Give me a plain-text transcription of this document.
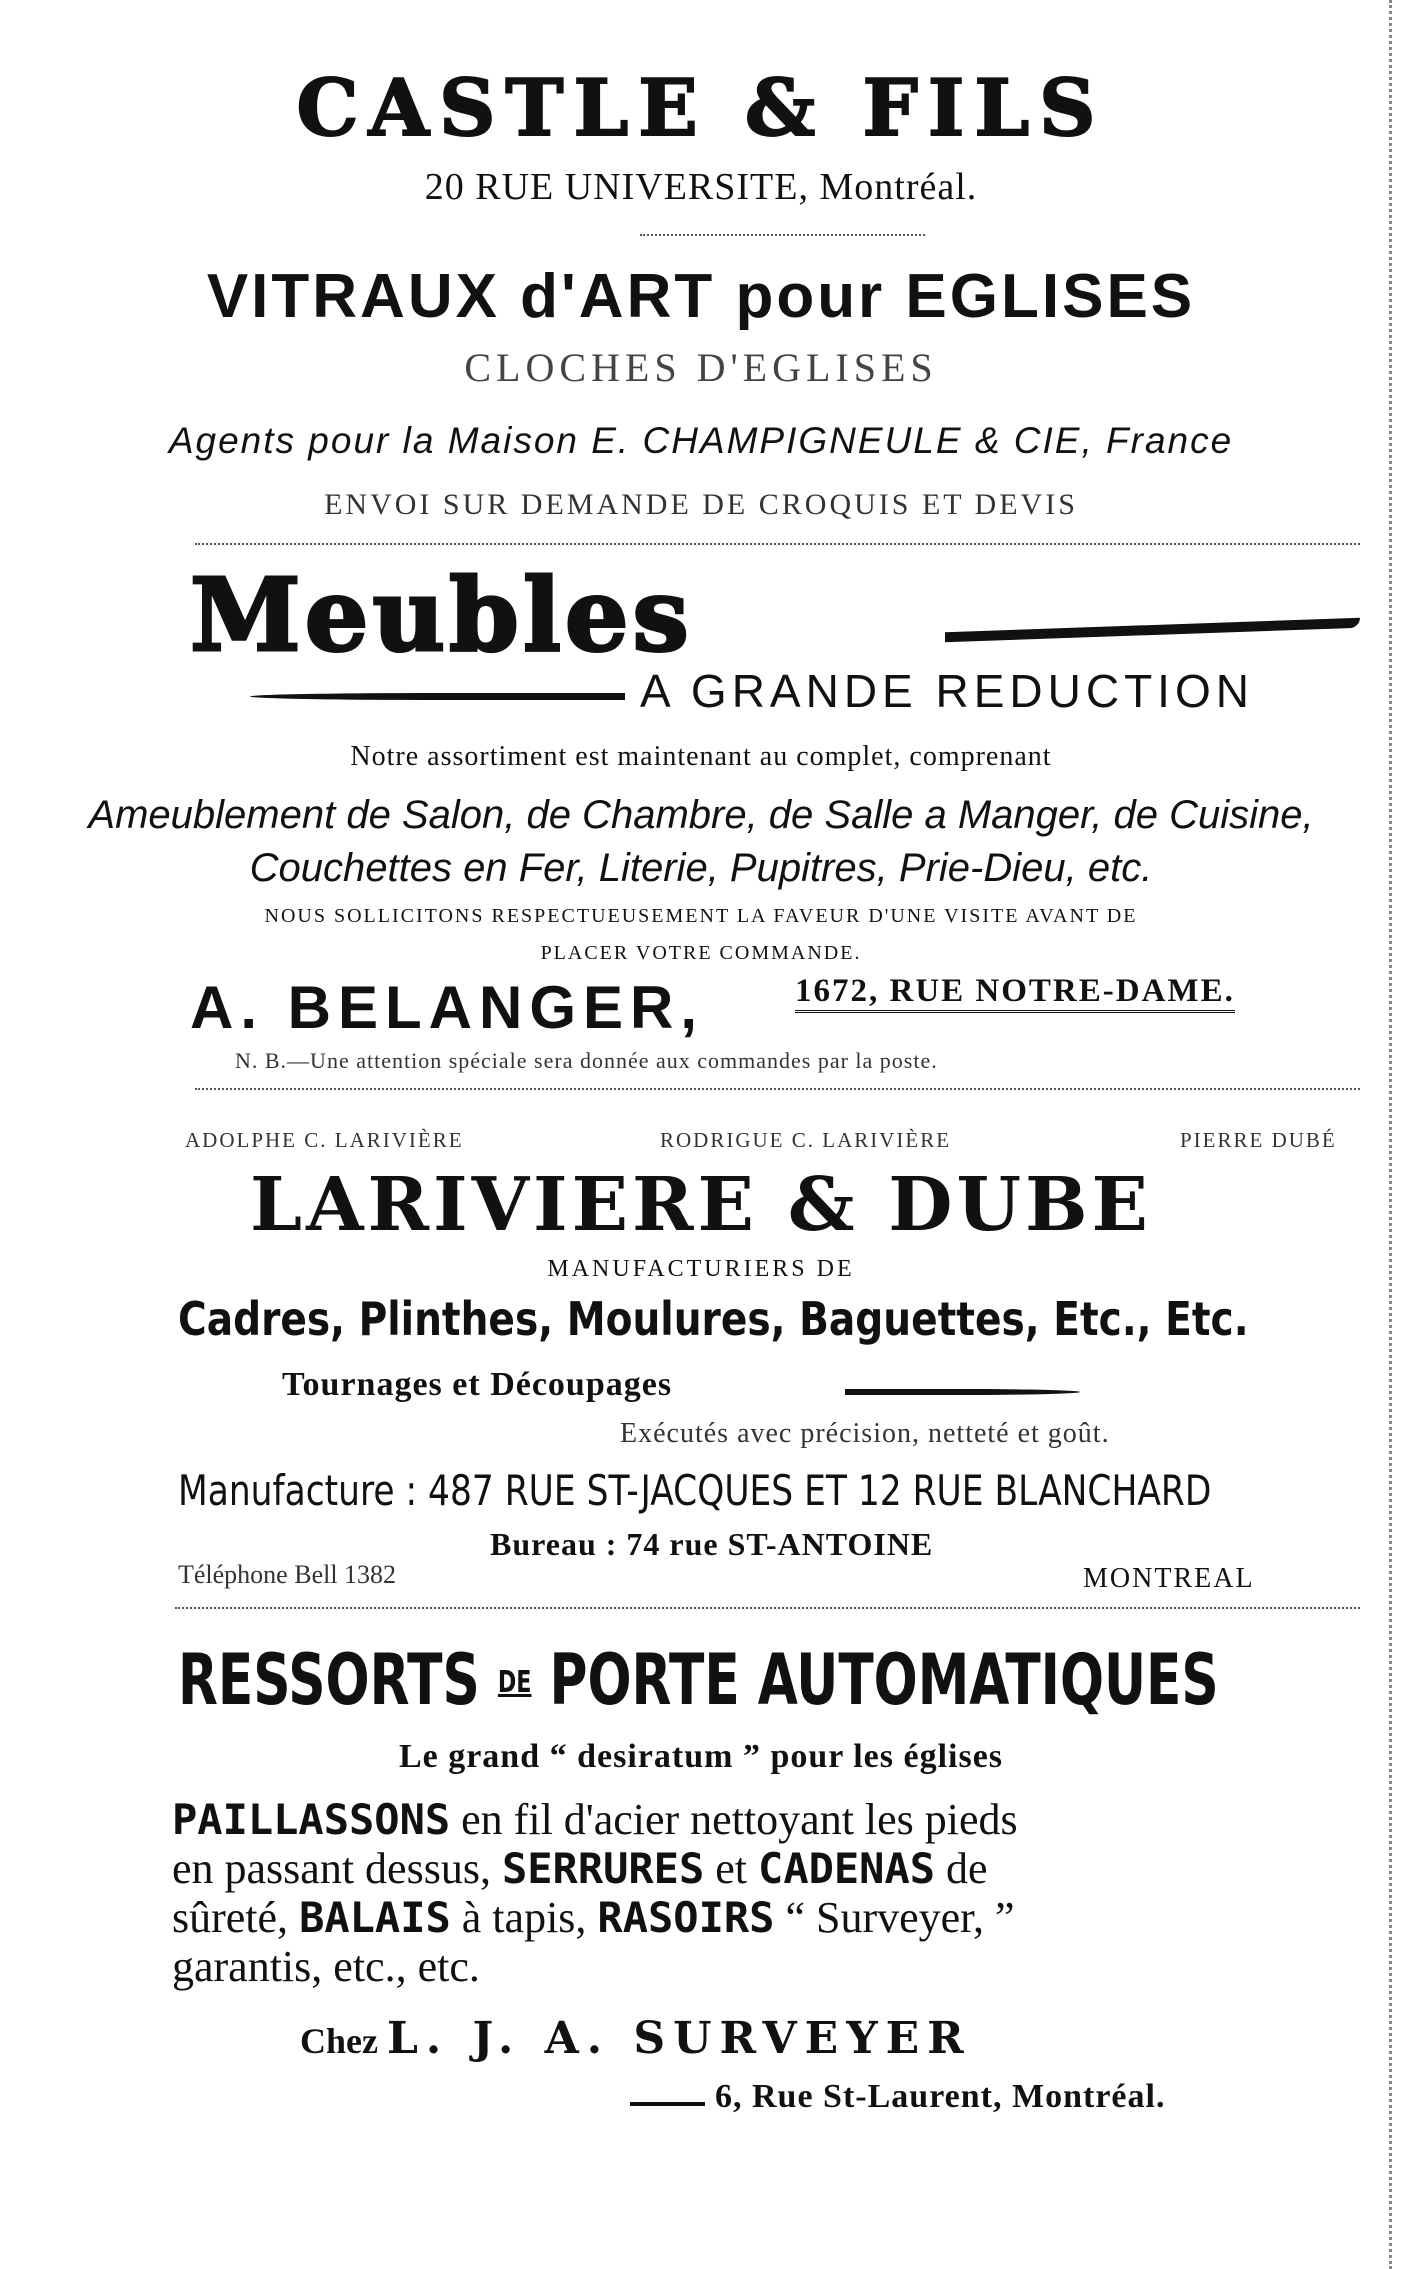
CASTLE & FILS
20 RUE UNIVERSITE, Montréal.
VITRAUX d'ART pour EGLISES
CLOCHES D'EGLISES
Agents pour la Maison E. CHAMPIGNEULE & CIE, France
ENVOI SUR DEMANDE DE CROQUIS ET DEVIS
Meubles
A GRANDE REDUCTION
Notre assortiment est maintenant au complet, comprenant
Ameublement de Salon, de Chambre, de Salle a Manger, de Cuisine,
Couchettes en Fer, Literie, Pupitres, Prie-Dieu, etc.
NOUS SOLLICITONS RESPECTUEUSEMENT LA FAVEUR D'UNE VISITE AVANT DE
PLACER VOTRE COMMANDE.
A. BELANGER,	1672, RUE NOTRE-DAME.
N. B.—Une attention spéciale sera donnée aux commandes par la poste.
ADOLPHE C. LARIVIÈRE	RODRIGUE C. LARIVIÈRE	PIERRE DUBÉ
LARIVIERE & DUBE
MANUFACTURIERS DE
Cadres, Plinthes, Moulures, Baguettes, Etc., Etc.
Tournages et Découpages
Exécutés avec précision, netteté et goût.
Manufacture : 487 RUE ST-JACQUES ET 12 RUE BLANCHARD
Bureau : 74 rue ST-ANTOINE
Téléphone Bell 1382	MONTREAL
RESSORTS DE PORTE AUTOMATIQUES
Le grand “ desiratum ” pour les églises

PAILLASSONS en fil d'acier nettoyant les pieds

en passant dessus, SERRURES et CADENAS de

sûreté, BALAIS à tapis, RASOIRS “ Surveyer, ”

garantis, etc., etc.

Chez L. J. A. SURVEYER
6, Rue St-Laurent, Montréal.
